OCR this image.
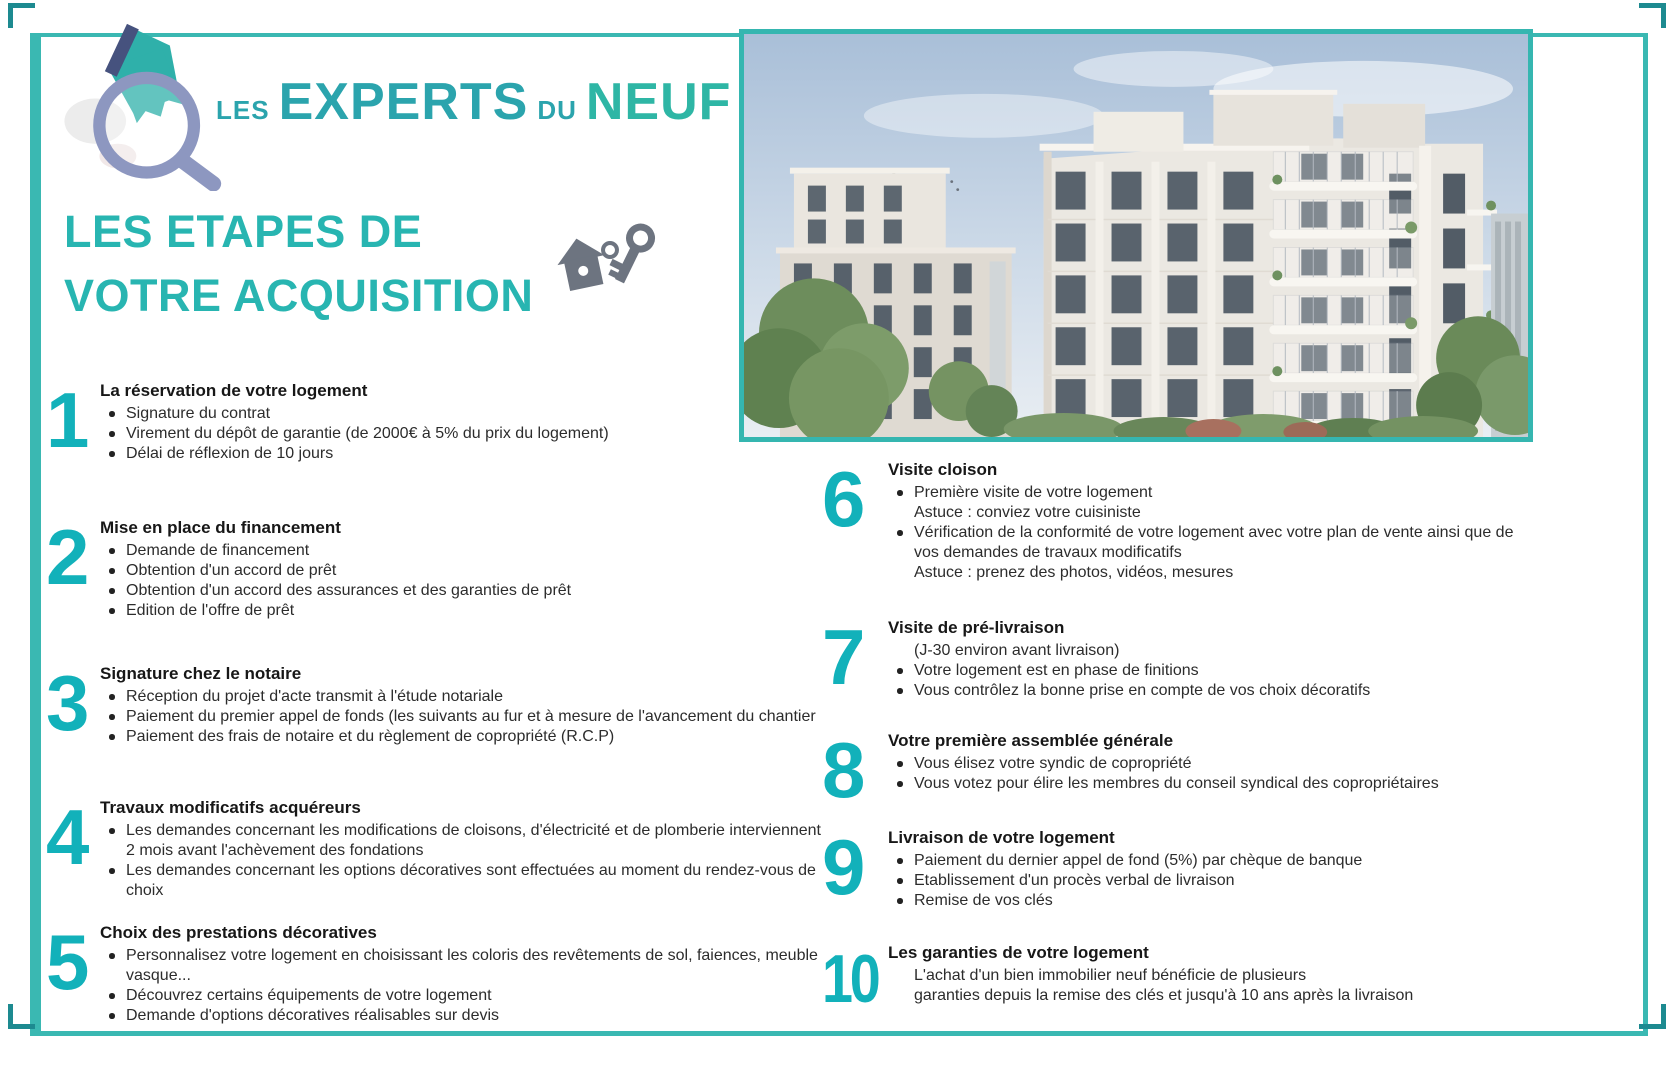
LES EXPERTS DU NEUF
LES ETAPES DE
VOTRE ACQUISITION
1 La réservation de votre logement
Signature du contrat
Virement du dépôt de garantie (de 2000€ à 5% du prix du logement)
Délai de réflexion de 10 jours
2 Mise en place du financement
Demande de financement
Obtention d'un accord de prêt
Obtention d'un accord des assurances et des garanties de prêt
Edition de l'offre de prêt
3 Signature chez le notaire
Réception du projet d'acte transmit à l'étude notariale
Paiement du premier appel de fonds (les suivants au fur et à mesure de l'avancement du chantier
Paiement des frais de notaire et du règlement de copropriété (R.C.P)
4 Travaux modificatifs acquéreurs
Les demandes concernant les modifications de cloisons, d'électricité et de plomberie interviennent 2 mois avant l'achèvement des fondations
Les demandes concernant les options décoratives sont effectuées au moment du rendez-vous de choix
5 Choix des prestations décoratives
Personnalisez votre logement en choisissant les coloris des revêtements de sol, faiences, meuble vasque...
Découvrez certains équipements de votre logement
Demande d'options décoratives réalisables sur devis
6	Visite cloison
Première visite de votre logement
Astuce : conviez votre cuisiniste
Vérification de la conformité de votre logement avec votre plan de vente ainsi que de vos demandes de travaux modificatifs
Astuce : prenez des photos, vidéos, mesures
7	Visite de pré-livraison
(J-30 environ avant livraison)
Votre logement est en phase de finitions
Vous contrôlez la bonne prise en compte de vos choix décoratifs
8	Votre première assemblée générale
Vous élisez votre syndic de copropriété
Vous votez pour élire les membres du conseil syndical des copropriétaires
9	Livraison de votre logement
Paiement du dernier appel de fond (5%) par chèque de banque
Etablissement d'un procès verbal de livraison
Remise de vos clés
10 Les garanties de votre logement
L'achat d'un bien immobilier neuf bénéficie de plusieurs
garanties depuis la remise des clés et jusqu'à 10 ans après la livraison
